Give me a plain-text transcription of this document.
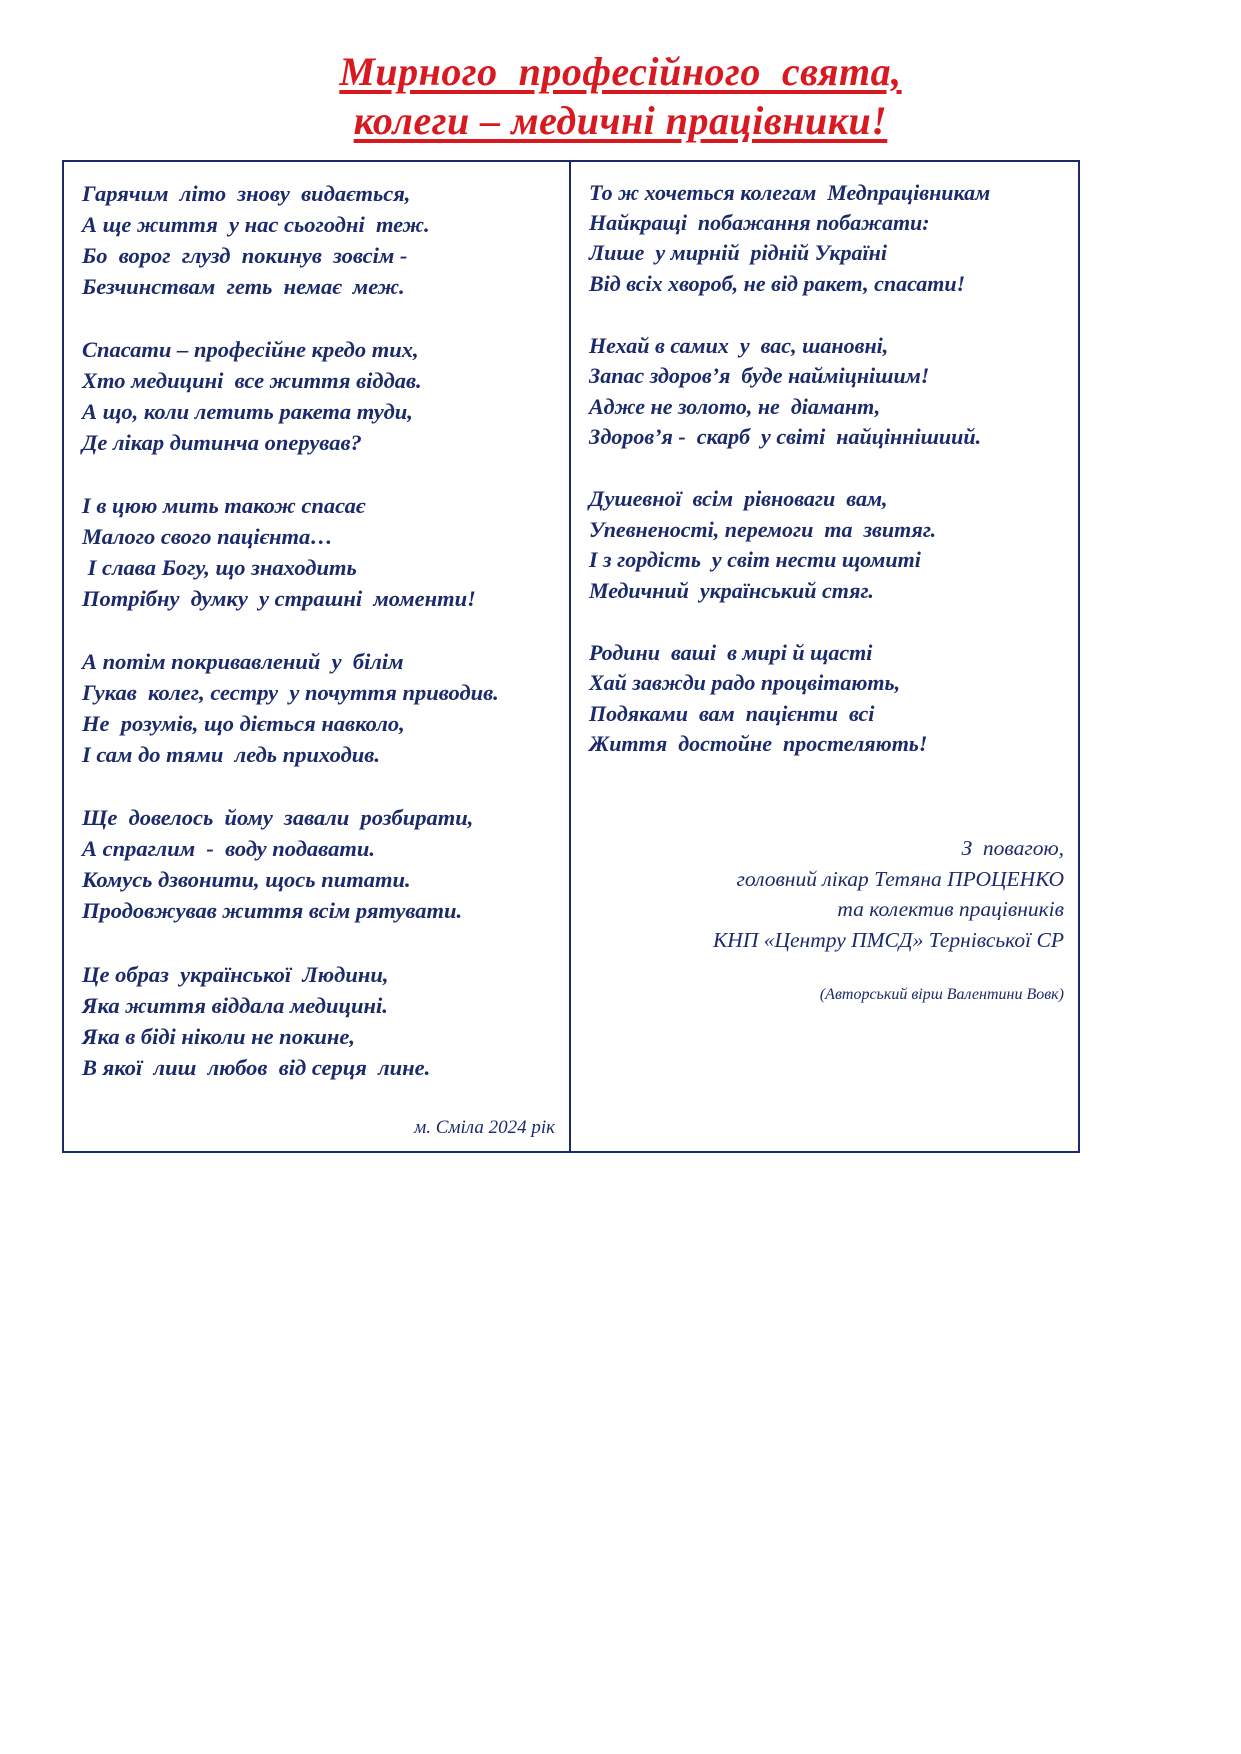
Мирного  професійного  свята,
колеги – медичні працівники!
Гарячим  літо  знову  видається,
А ще життя  у нас сьогодні  теж.
Бо  ворог  глузд  покинув  зовсім -
Безчинствам  геть  немає  меж.
Спасати – професійне кредо тих,
Хто медицині  все життя віддав.
А що, коли летить ракета туди,
Де лікар дитинча оперував?
І в цюю мить також спасає
Малого свого пацієнта…
І слава Богу, що знаходить
Потрібну  думку  у страшні  моменти!
А потім покривавлений  у  білім
Гукав  колег, сестру  у почуття приводив.
Не  розумів, що діється навколо,
І сам до тями  ледь приходив.
Ще  довелось  йому  завали  розбирати,
А спраглим  -  воду подавати.
Комусь дзвонити, щось питати.
Продовжував життя всім рятувати.
Це образ  української  Людини,
Яка життя віддала медицині.
Яка в біді ніколи не покине,
В якої  лиш  любов  від серця  лине.
м. Сміла 2024 рік
То ж хочеться колегам  Медпрацівникам
Найкращі  побажання побажати:
Лише  у мирній  рідній Україні
Від всіх хвороб, не від ракет, спасати!
Нехай в самих  у  вас, шановні,
Запас здоров’я  буде найміцнішим!
Адже не золото, не  діамант,
Здоров’я -  скарб  у світі  найціннішиий.
Душевної  всім  рівноваги  вам,
Упевненості, перемоги  та  звитяг.
І з гордість  у світ нести щомиті
Медичний  український стяг.
Родини  ваші  в мирі й щасті
Хай завжди радо процвітають,
Подяками  вам  пацієнти  всі
Життя  достойне  простеляють!
З  повагою,
головний лікар Тетяна ПРОЦЕНКО
та колектив працівників
КНП «Центру ПМСД» Тернівської СР
(Авторський вірш Валентини Вовк)
